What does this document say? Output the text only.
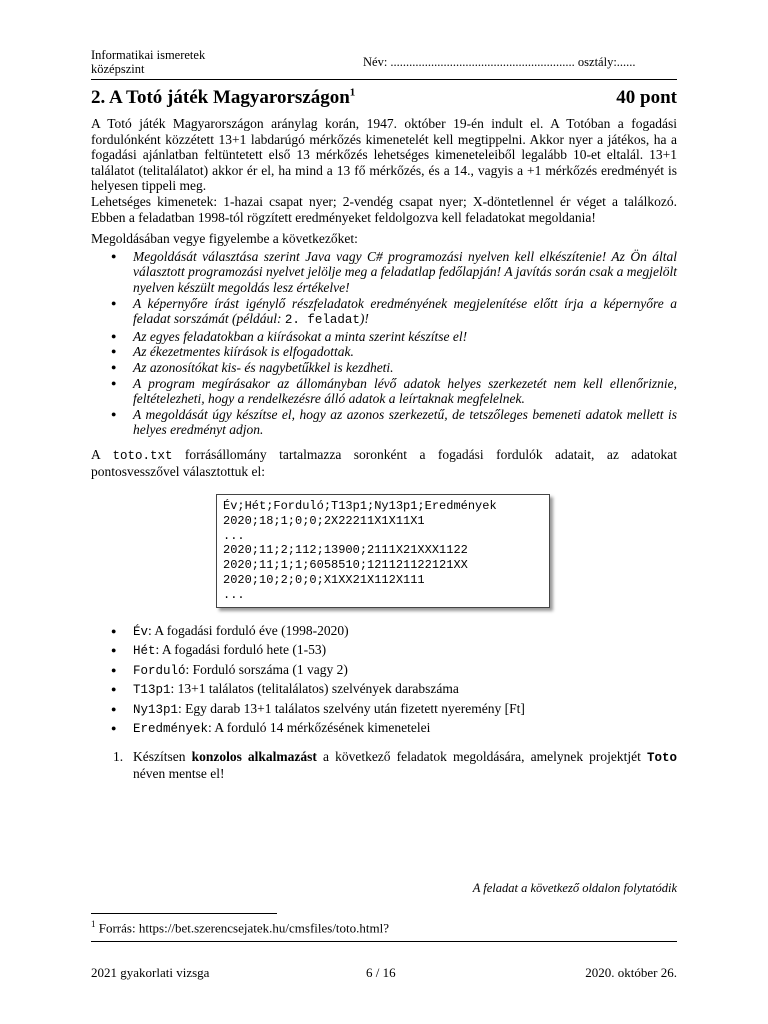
Informatikai ismeretek középszint	Név: ........................................................... osztály:......
2. A Totó játék Magyarországon$^1$	40 pont

A Totó játék Magyarországon aránylag korán, 1947. október 19-én indult el. A Totóban a fogadási fordulónként közzétett 13+1 labdarúgó mérkőzés kimenetelét kell megtippelni. Akkor nyer a játékos, ha a fogadási ajánlatban feltüntetett első 13 mérkőzés lehetséges kimeneteleiből legalább 10-et eltalál. 13+1 találatot (telitalálatot) akkor ér el, ha mind a 13 fő mérkőzés, és a 14., vagyis a +1 mérkőzés eredményét is helyesen tippeli meg.

Lehetséges kimenetek: 1-hazai csapat nyer; 2-vendég csapat nyer; X-döntetlennel ér véget a találkozó. Ebben a feladatban 1998-tól rögzített eredményeket feldolgozva kell feladatokat megoldania!

Megoldásában vegye figyelembe a következőket:

● Megoldását választása szerint Java vagy C# programozási nyelven kell elkészítenie! Az Ön által választott programozási nyelvet jelölje meg a feladatlap fedőlapján! A javítás során csak a megjelölt nyelven készült megoldás lesz értékelve!
● A képernyőre írást igénylő részfeladatok eredményének megjelenítése előtt írja a képernyőre a feladat sorszámát (például: 2. feladat)!
● Az egyes feladatokban a kiírásokat a minta szerint készítse el!
● Az ékezetmentes kiírások is elfogadottak.
● Az azonosítókat kis- és nagybetűkkel is kezdheti.
● A program megírásakor az állományban lévő adatok helyes szerkezetét nem kell ellenőriznie, feltételezheti, hogy a rendelkezésre álló adatok a leírtaknak megfelelnek.
● A megoldását úgy készítse el, hogy az azonos szerkezetű, de tetszőleges bemeneti adatok mellett is helyes eredményt adjon.

A toto.txt forrásállomány tartalmazza soronként a fogadási fordulók adatait, az adatokat pontosvesszővel választottuk el:

Év;Hét;Forduló;T13p1;Ny13p1;Eredmények
2020;18;1;0;0;2X22211X1X11X1
...
2020;11;2;112;13900;2111X21XXX1122
2020;11;1;1;6058510;121121122121XX
2020;10;2;0;0;X1XX21X112X111
...
● Év: A fogadási forduló éve (1998-2020)
● Hét: A fogadási forduló hete (1-53)
● Forduló: Forduló sorszáma (1 vagy 2)
● T13p1: 13+1 találatos (telitalálatos) szelvények darabszáma
● Ny13p1: Egy darab 13+1 találatos szelvény után fizetett nyeremény [Ft]
● Eredmények: A forduló 14 mérkőzésének kimenetelei

1. Készítsen konzolos alkalmazást a következő feladatok megoldására, amelynek projektjét Toto néven mentse el!

A feladat a következő oldalon folytatódik
$^1$ Forrás: https://bet.szerencsejatek.hu/cmsfiles/toto.html?
2021 gyakorlati vizsga	6 / 16	2020. október 26.
